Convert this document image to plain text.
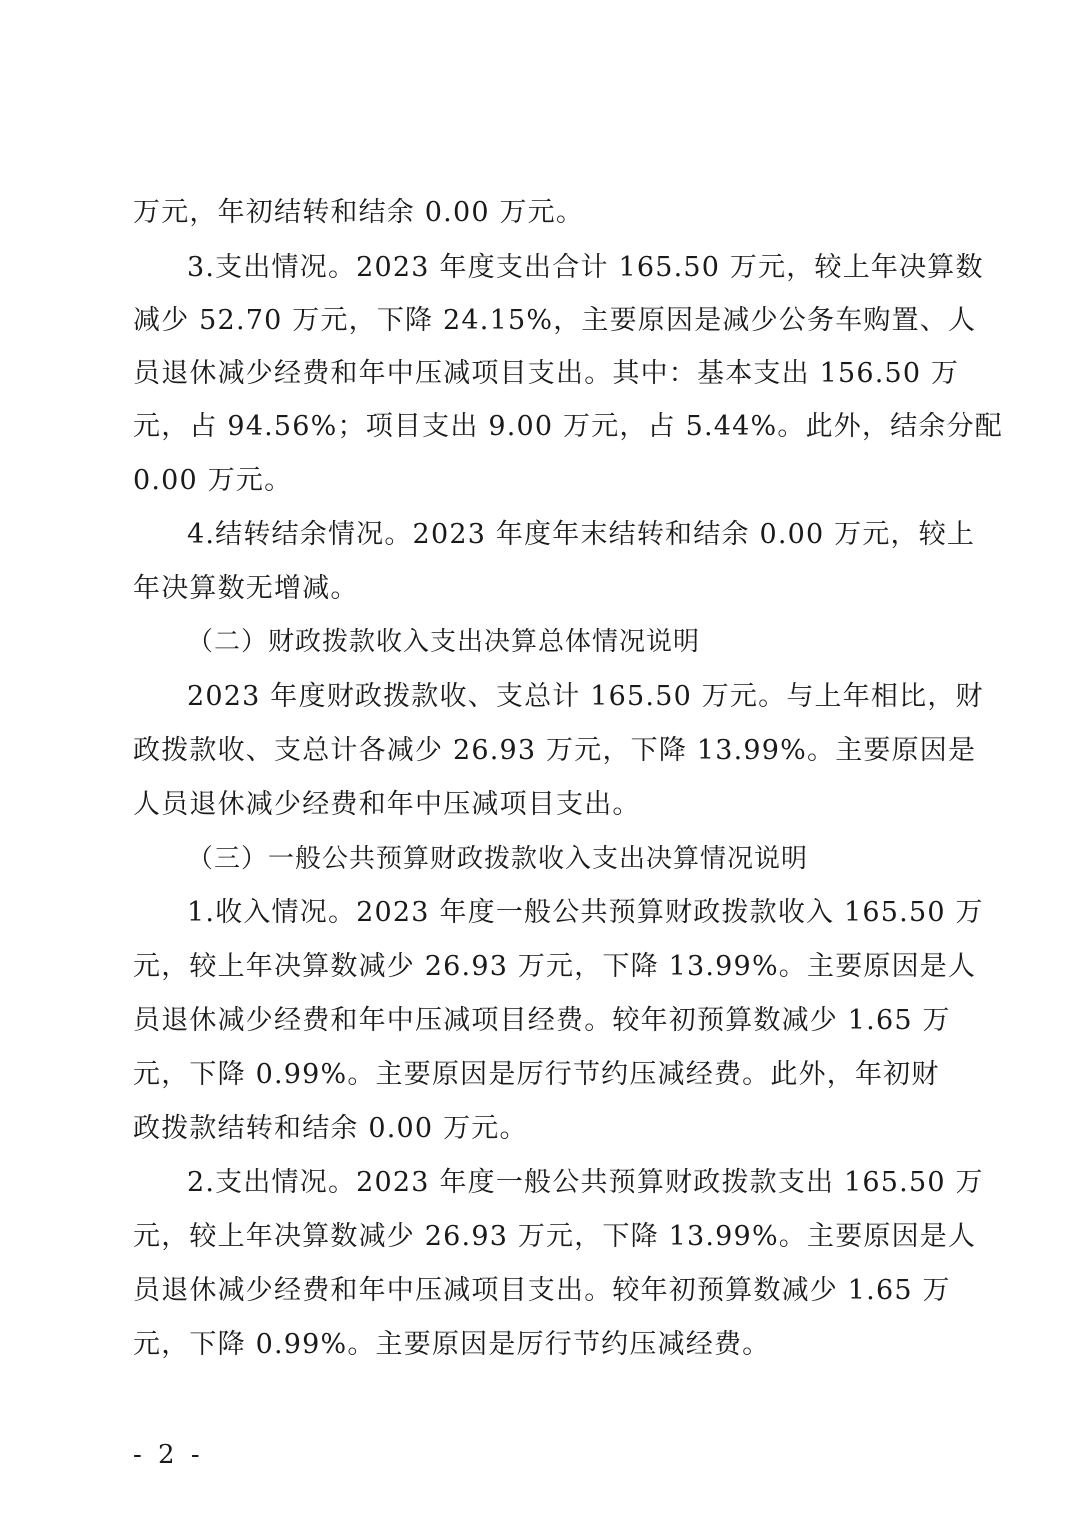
万元，年初结转和结余 0.00 万元。
3.支出情况。2023 年度支出合计 165.50 万元，较上年决算数
减少 52.70 万元，下降 24.15%，主要原因是减少公务车购置、人
员退休减少经费和年中压减项目支出。其中：基本支出 156.50 万
元，占 94.56%；项目支出 9.00 万元，占 5.44%。此外，结余分配
0.00 万元。
4.结转结余情况。2023 年度年末结转和结余 0.00 万元，较上
年决算数无增减。
（二）财政拨款收入支出决算总体情况说明
2023 年度财政拨款收、支总计 165.50 万元。与上年相比，财
政拨款收、支总计各减少 26.93 万元，下降 13.99%。主要原因是
人员退休减少经费和年中压减项目支出。
（三）一般公共预算财政拨款收入支出决算情况说明
1.收入情况。2023 年度一般公共预算财政拨款收入 165.50 万
元，较上年决算数减少 26.93 万元，下降 13.99%。主要原因是人
员退休减少经费和年中压减项目经费。较年初预算数减少 1.65 万
元，下降 0.99%。主要原因是厉行节约压减经费。此外，年初财
政拨款结转和结余 0.00 万元。
2.支出情况。2023 年度一般公共预算财政拨款支出 165.50 万
元，较上年决算数减少 26.93 万元，下降 13.99%。主要原因是人
员退休减少经费和年中压减项目支出。较年初预算数减少 1.65 万
元，下降 0.99%。主要原因是厉行节约压减经费。
- 2 -
